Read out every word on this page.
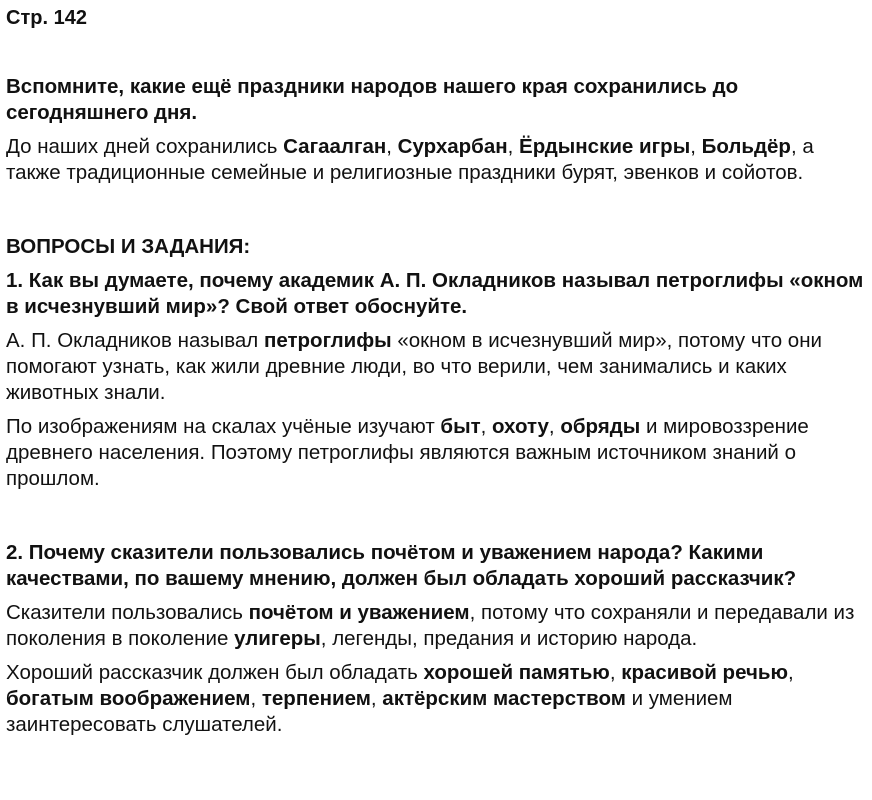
Стр. 142
Вспомните, какие ещё праздники народов нашего края сохранились до сегодняшнего дня.
До наших дней сохранились Сагаалган, Сурхарбан, Ёрдынские игры, Больдёр, а также традиционные семейные и религиозные праздники бурят, эвенков и сойотов.
ВОПРОСЫ И ЗАДАНИЯ:
1. Как вы думаете, почему академик А. П. Окладников называл петроглифы «окном в исчезнувший мир»? Свой ответ обоснуйте.
А. П. Окладников называл петроглифы «окном в исчезнувший мир», потому что они помогают узнать, как жили древние люди, во что верили, чем занимались и каких животных знали.
По изображениям на скалах учёные изучают быт, охоту, обряды и мировоззрение древнего населения. Поэтому петроглифы являются важным источником знаний о прошлом.
2. Почему сказители пользовались почётом и уважением народа? Какими качествами, по вашему мнению, должен был обладать хороший рассказчик?
Сказители пользовались почётом и уважением, потому что сохраняли и передавали из поколения в поколение улигеры, легенды, предания и историю народа.
Хороший рассказчик должен был обладать хорошей памятью, красивой речью, богатым воображением, терпением, актёрским мастерством и умением заинтересовать слушателей.
